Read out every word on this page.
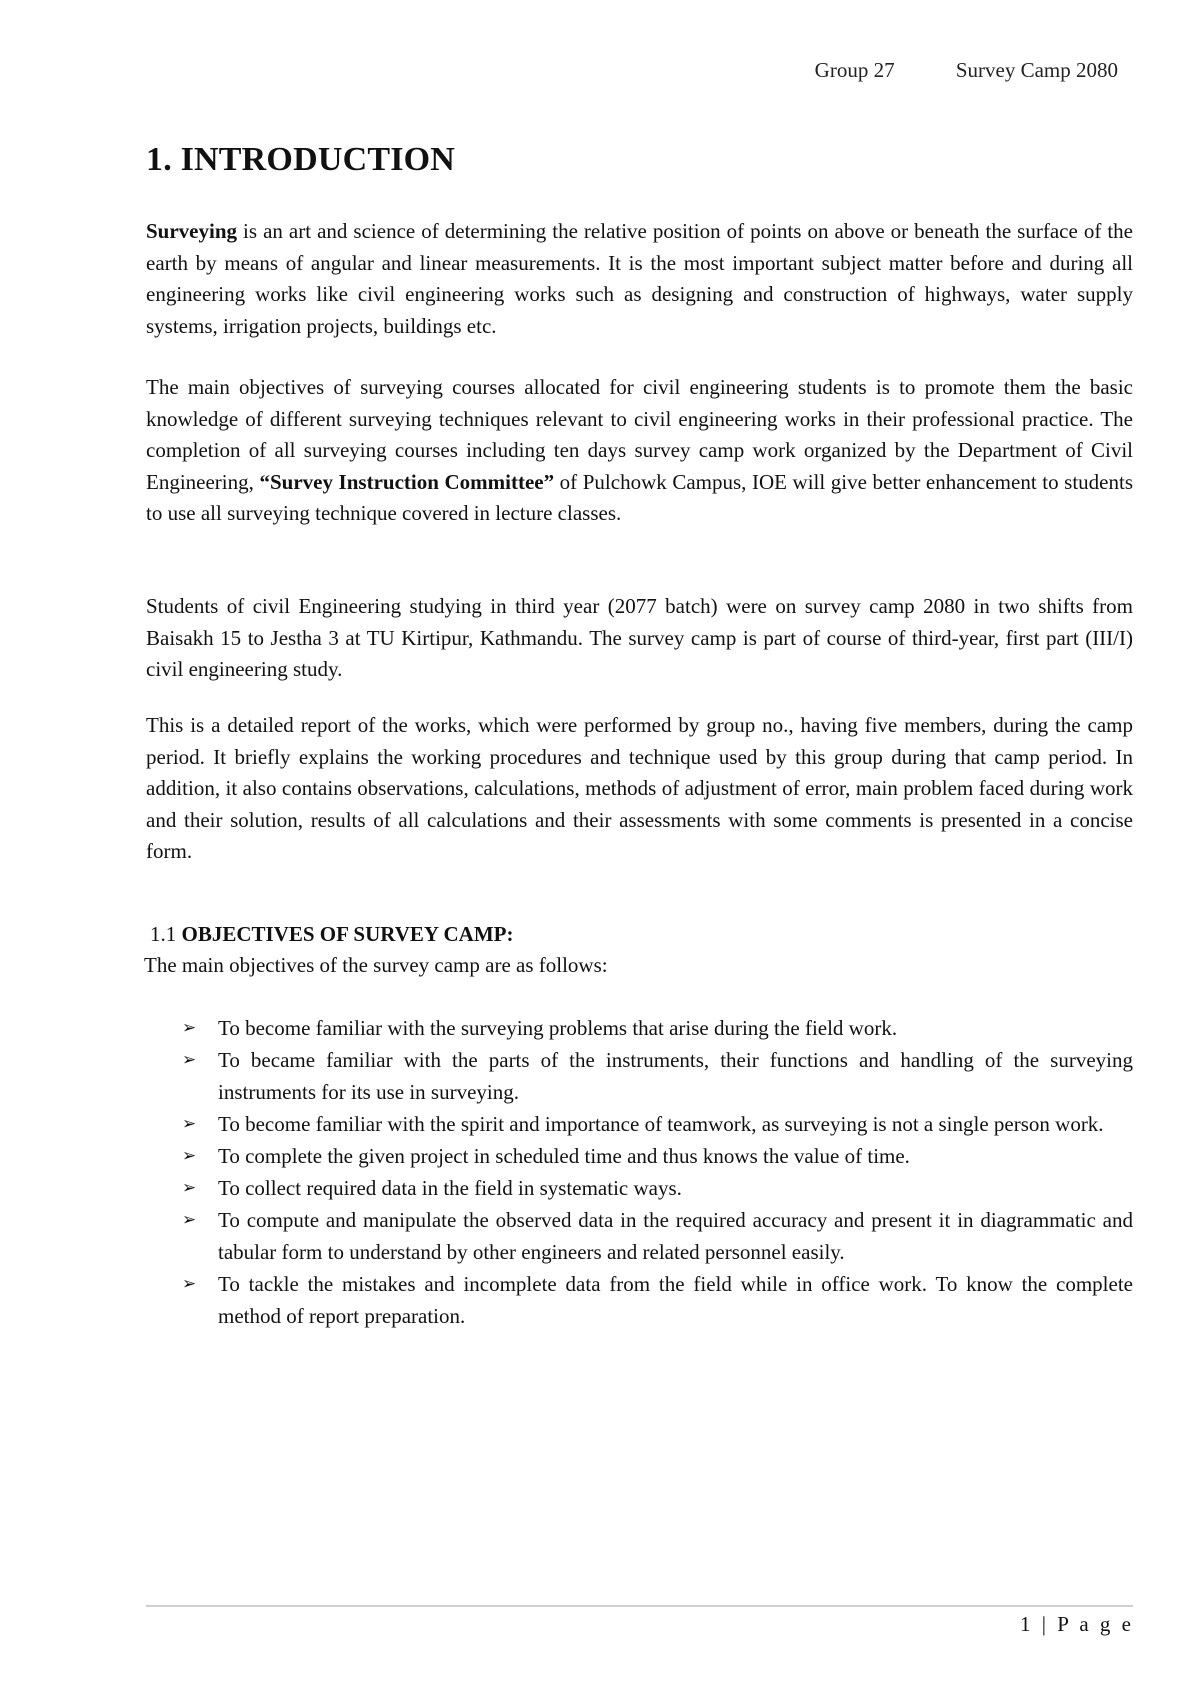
Group 27	Survey Camp 2080
1. INTRODUCTION

Surveying is an art and science of determining the relative position of points on above or beneath the surface of the earth by means of angular and linear measurements. It is the most important subject matter before and during all engineering works like civil engineering works such as designing and construction of highways, water supply systems, irrigation projects, buildings etc.

The main objectives of surveying courses allocated for civil engineering students is to promote them the basic knowledge of different surveying techniques relevant to civil engineering works in their professional practice. The completion of all surveying courses including ten days survey camp work organized by the Department of Civil Engineering, “Survey Instruction Committee” of Pulchowk Campus, IOE will give better enhancement to students to use all surveying technique covered in lecture classes.

Students of civil Engineering studying in third year (2077 batch) were on survey camp 2080 in two shifts from Baisakh 15 to Jestha 3 at TU Kirtipur, Kathmandu. The survey camp is part of course of third-year, first part (III/I) civil engineering study.

This is a detailed report of the works, which were performed by group no., having five members, during the camp period. It briefly explains the working procedures and technique used by this group during that camp period. In addition, it also contains observations, calculations, methods of adjustment of error, main problem faced during work and their solution, results of all calculations and their assessments with some comments is presented in a concise form.

1.1 OBJECTIVES OF SURVEY CAMP:

The main objectives of the survey camp are as follows:

➢ To become familiar with the surveying problems that arise during the field work.
➢ To became familiar with the parts of the instruments, their functions and handling of the surveying instruments for its use in surveying.
➢ To become familiar with the spirit and importance of teamwork, as surveying is not a single person work.
➢ To complete the given project in scheduled time and thus knows the value of time.
➢ To collect required data in the field in systematic ways.
➢ To compute and manipulate the observed data in the required accuracy and present it in diagrammatic and tabular form to understand by other engineers and related personnel easily.
➢ To tackle the mistakes and incomplete data from the field while in office work. To know the complete method of report preparation.
1 | P a g e
